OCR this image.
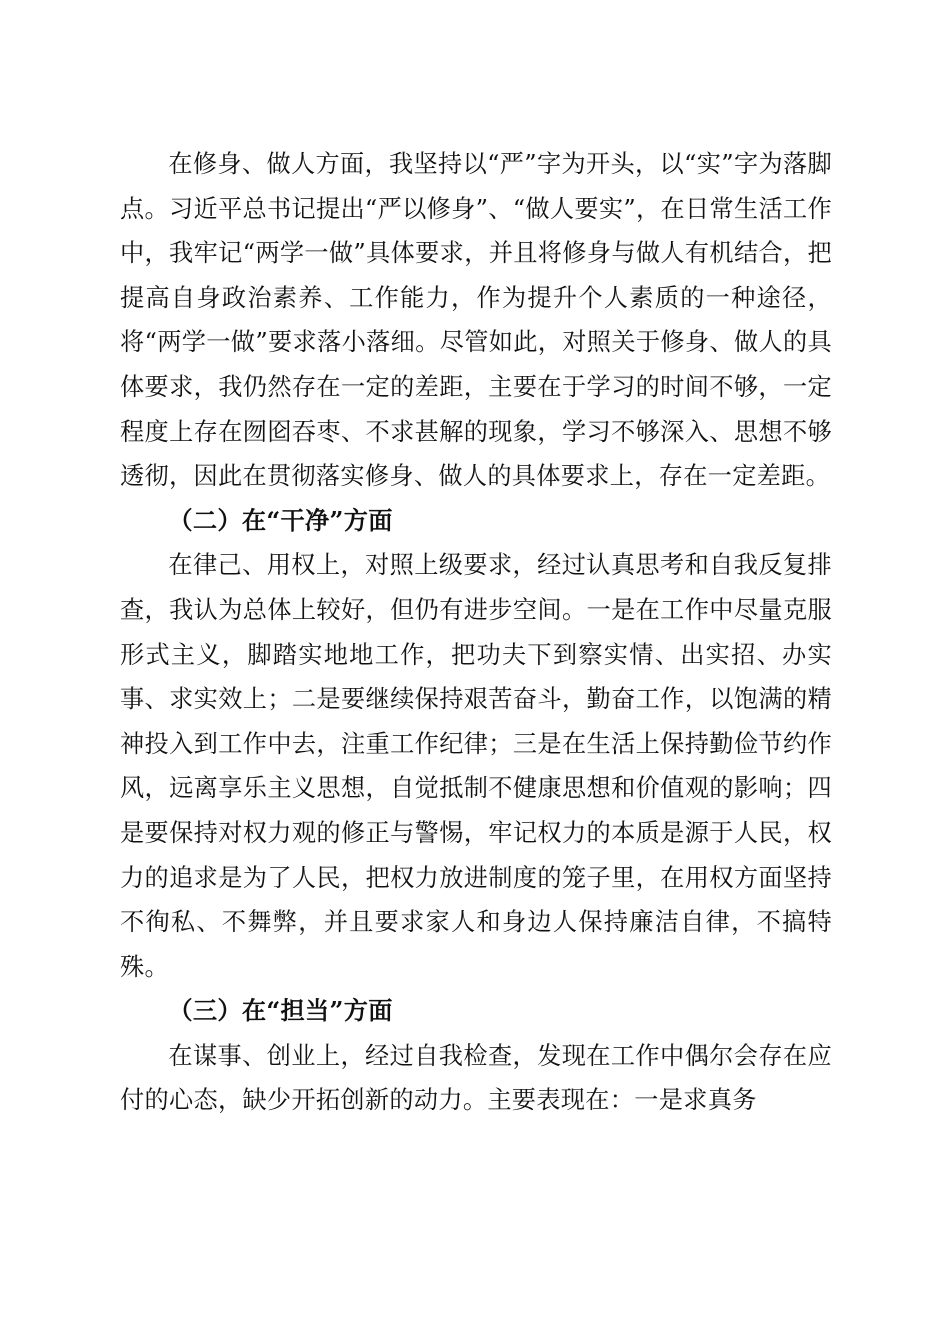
在修身、做人方面，我坚持以“严”字为开头，以“实”字为落脚点。习近平总书记提出“严以修身”、“做人要实”，在日常生活工作中，我牢记“两学一做”具体要求，并且将修身与做人有机结合，把提高自身政治素养、工作能力，作为提升个人素质的一种途径，将“两学一做”要求落小落细。尽管如此，对照关于修身、做人的具体要求，我仍然存在一定的差距，主要在于学习的时间不够，一定程度上存在囫囵吞枣、不求甚解的现象，学习不够深入、思想不够透彻，因此在贯彻落实修身、做人的具体要求上，存在一定差距。

（二）在“干净”方面

在律己、用权上，对照上级要求，经过认真思考和自我反复排查，我认为总体上较好，但仍有进步空间。一是在工作中尽量克服形式主义，脚踏实地地工作，把功夫下到察实情、出实招、办实事、求实效上；二是要继续保持艰苦奋斗，勤奋工作，以饱满的精神投入到工作中去，注重工作纪律；三是在生活上保持勤俭节约作风，远离享乐主义思想，自觉抵制不健康思想和价值观的影响；四是要保持对权力观的修正与警惕，牢记权力的本质是源于人民，权力的追求是为了人民，把权力放进制度的笼子里，在用权方面坚持不徇私、不舞弊，并且要求家人和身边人保持廉洁自律，不搞特殊。

（三）在“担当”方面

在谋事、创业上，经过自我检查，发现在工作中偶尔会存在应付的心态，缺少开拓创新的动力。主要表现在：一是求真务
